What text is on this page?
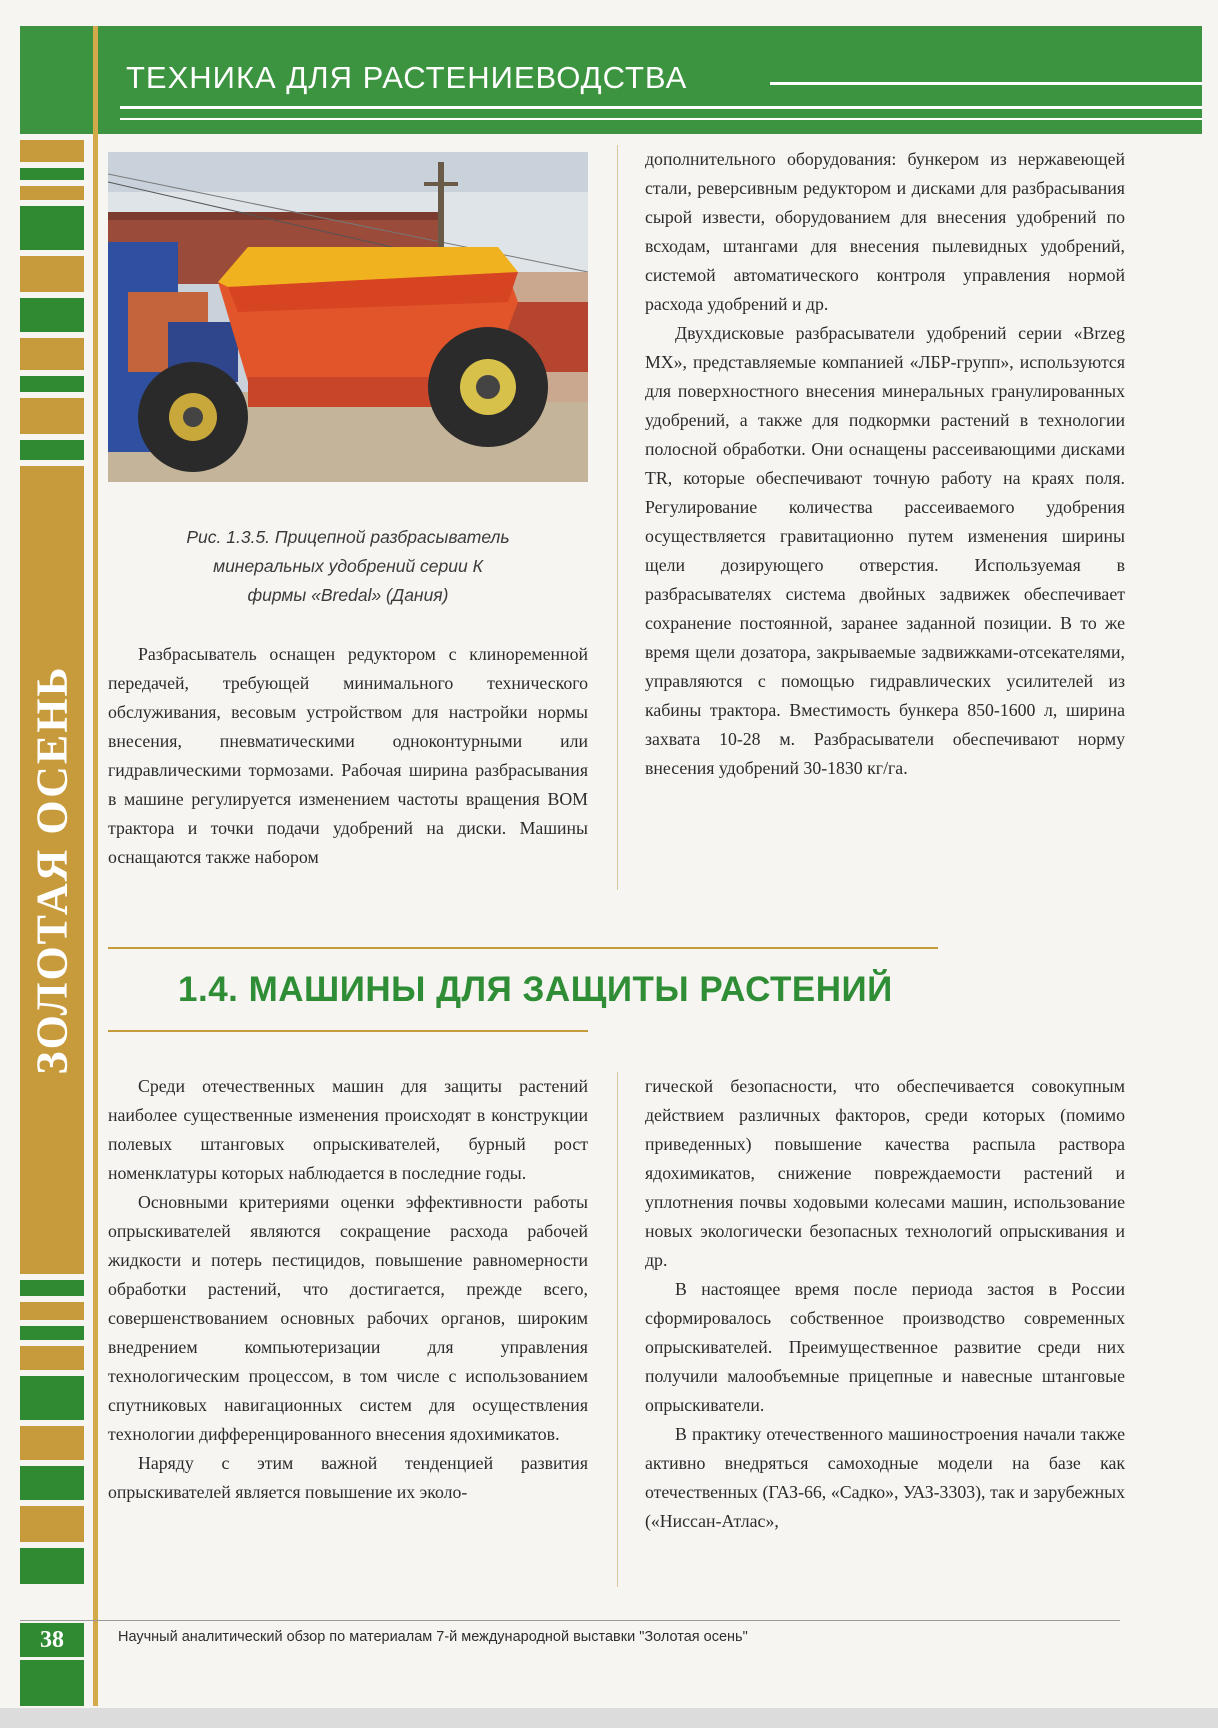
ТЕХНИКА ДЛЯ РАСТЕНИЕВОДСТВА
ЗОЛОТАЯ ОСЕНЬ
Рис. 1.3.5. Прицепной разбрасыватель
минеральных удобрений серии К
фирмы «Bredal» (Дания)

Разбрасыватель оснащен редуктором с клиноременной передачей, требующей минимального технического обслуживания, весовым устройством для настройки нормы внесения, пневматическими одноконтурными или гидравлическими тормозами. Рабочая ширина разбрасывания в машине регулируется изменением частоты вращения ВОМ трактора и точки подачи удобрений на диски. Машины оснащаются также набором

дополнительного оборудования: бункером из нержавеющей стали, реверсивным редуктором и дисками для разбрасывания сырой извести, оборудованием для внесения удобрений по всходам, штангами для внесения пылевидных удобрений, системой автоматического контроля управления нормой расхода удобрений и др.

Двухдисковые разбрасыватели удобрений серии «Brzeg МХ», представляемые компанией «ЛБР-групп», используются для поверхностного внесения минеральных гранулированных удобрений, а также для подкормки растений в технологии полосной обработки. Они оснащены рассеивающими дисками TR, которые обеспечивают точную работу на краях поля. Регулирование количества рассеиваемого удобрения осуществляется гравитационно путем изменения ширины щели дозирующего отверстия. Используемая в разбрасывателях система двойных задвижек обеспечивает сохранение постоянной, заранее заданной позиции. В то же время щели дозатора, закрываемые задвижками-отсекателями, управляются с помощью гидравлических усилителей из кабины трактора. Вместимость бункера 850-1600 л, ширина захвата 10-28 м. Разбрасыватели обеспечивают норму внесения удобрений 30-1830 кг/га.

1.4. МАШИНЫ ДЛЯ ЗАЩИТЫ РАСТЕНИЙ

Среди отечественных машин для защиты растений наиболее существенные изменения происходят в конструкции полевых штанговых опрыскивателей, бурный рост номенклатуры которых наблюдается в последние годы.

Основными критериями оценки эффективности работы опрыскивателей являются сокращение расхода рабочей жидкости и потерь пестицидов, повышение равномерности обработки растений, что достигается, прежде всего, совершенствованием основных рабочих органов, широким внедрением компьютеризации для управления технологическим процессом, в том числе с использованием спутниковых навигационных систем для осуществления технологии дифференцированного внесения ядохимикатов.

Наряду с этим важной тенденцией развития опрыскивателей является повышение их эколо-

гической безопасности, что обеспечивается совокупным действием различных факторов, среди которых (помимо приведенных) повышение качества распыла раствора ядохимикатов, снижение повреждаемости растений и уплотнения почвы ходовыми колесами машин, использование новых экологически безопасных технологий опрыскивания и др.

В настоящее время после периода застоя в России сформировалось собственное производство современных опрыскивателей. Преимущественное развитие среди них получили малообъемные прицепные и навесные штанговые опрыскиватели.

В практику отечественного машиностроения начали также активно внедряться самоходные модели на базе как отечественных (ГАЗ-66, «Садко», УАЗ-3303), так и зарубежных («Ниссан-Атлас»,

38	Научный аналитический обзор по материалам 7-й международной выставки "Золотая осень"
